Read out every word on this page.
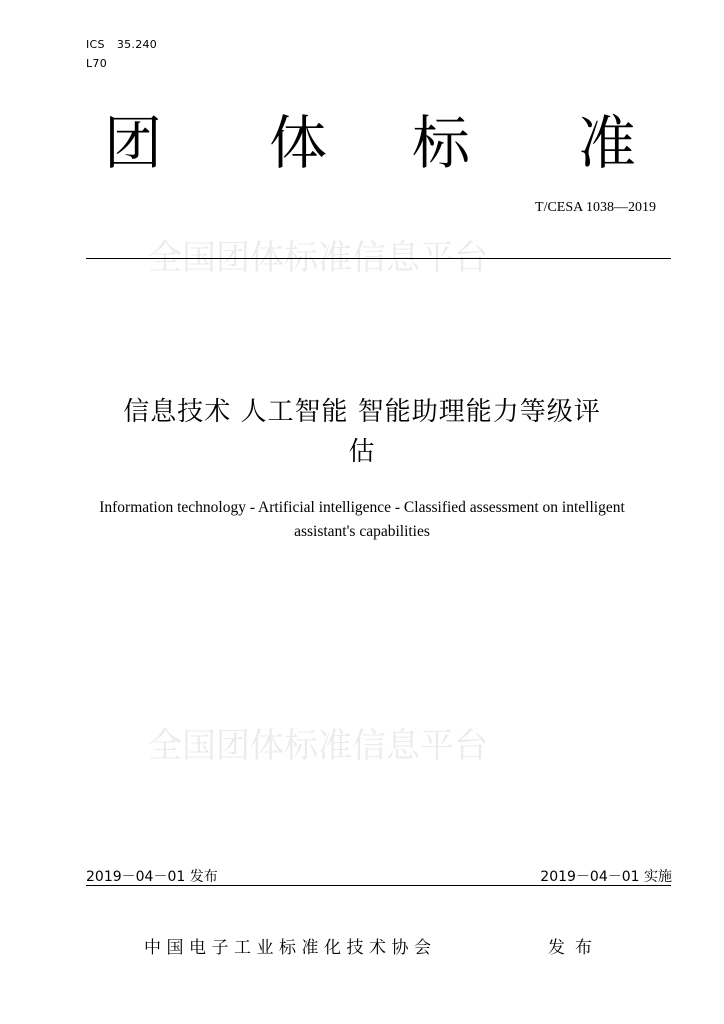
ICS 35.240
L70
团 体 标 准
T/CESA 1038—2019
全国团体标准信息平台
信息技术 人工智能 智能助理能力等级评
估
Information technology - Artificial intelligence - Classified assessment on intelligent
assistant's capabilities
全国团体标准信息平台
2019－04－01 发布	2019－04－01 实施
中国电子工业标准化技术协会	发布
